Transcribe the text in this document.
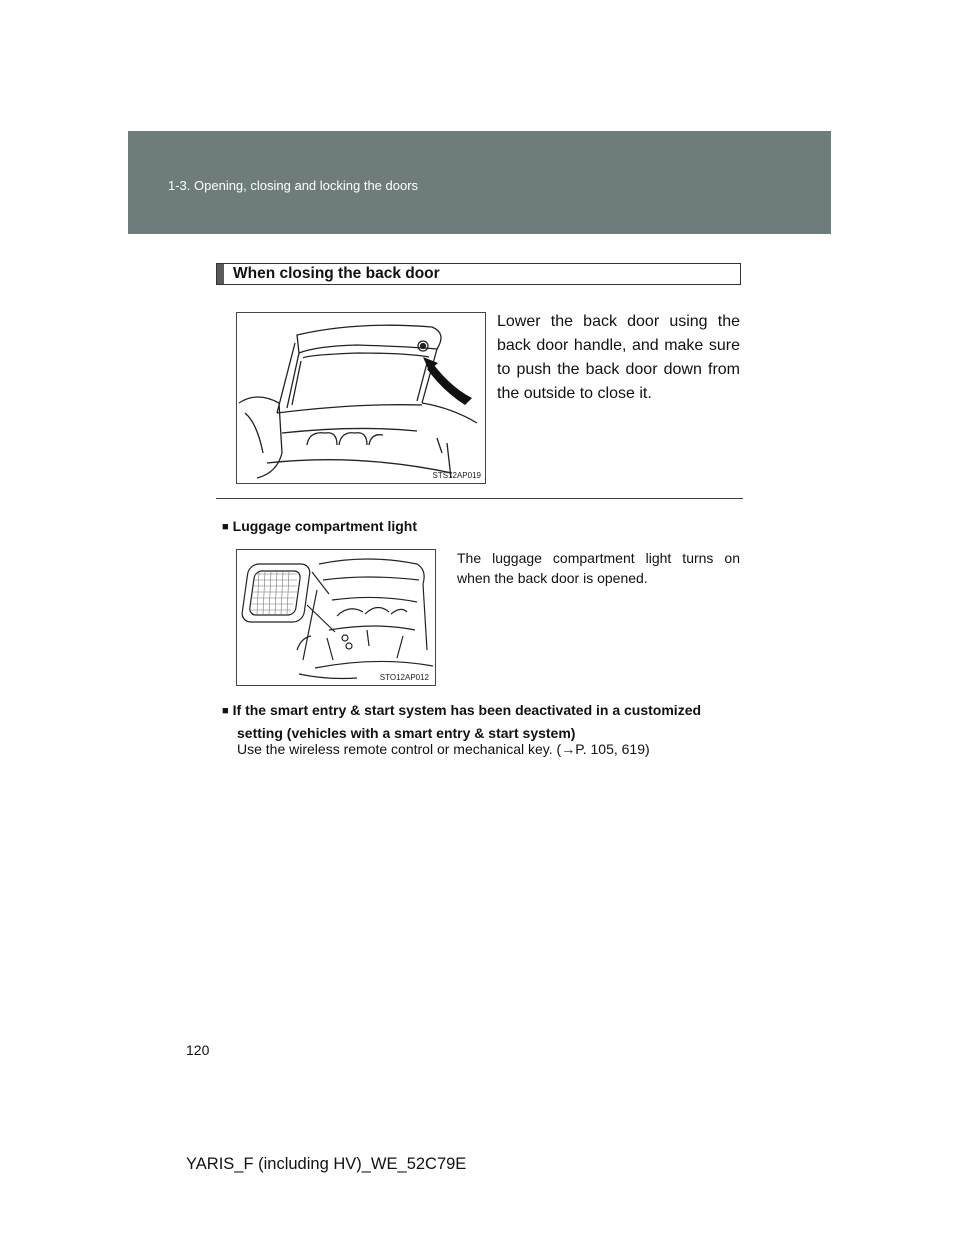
1-3. Opening, closing and locking the doors
When closing the back door
STS12AP019
Lower the back door using the back door handle, and make sure to push the back door down from the outside to close it.
■ Luggage compartment light
STO12AP012
The luggage compartment light turns on when the back door is opened.
■ If the smart entry & start system has been deactivated in a customized
setting (vehicles with a smart entry & start system)
Use the wireless remote control or mechanical key. (→P. 105, 619)
120
YARIS_F (including HV)_WE_52C79E
